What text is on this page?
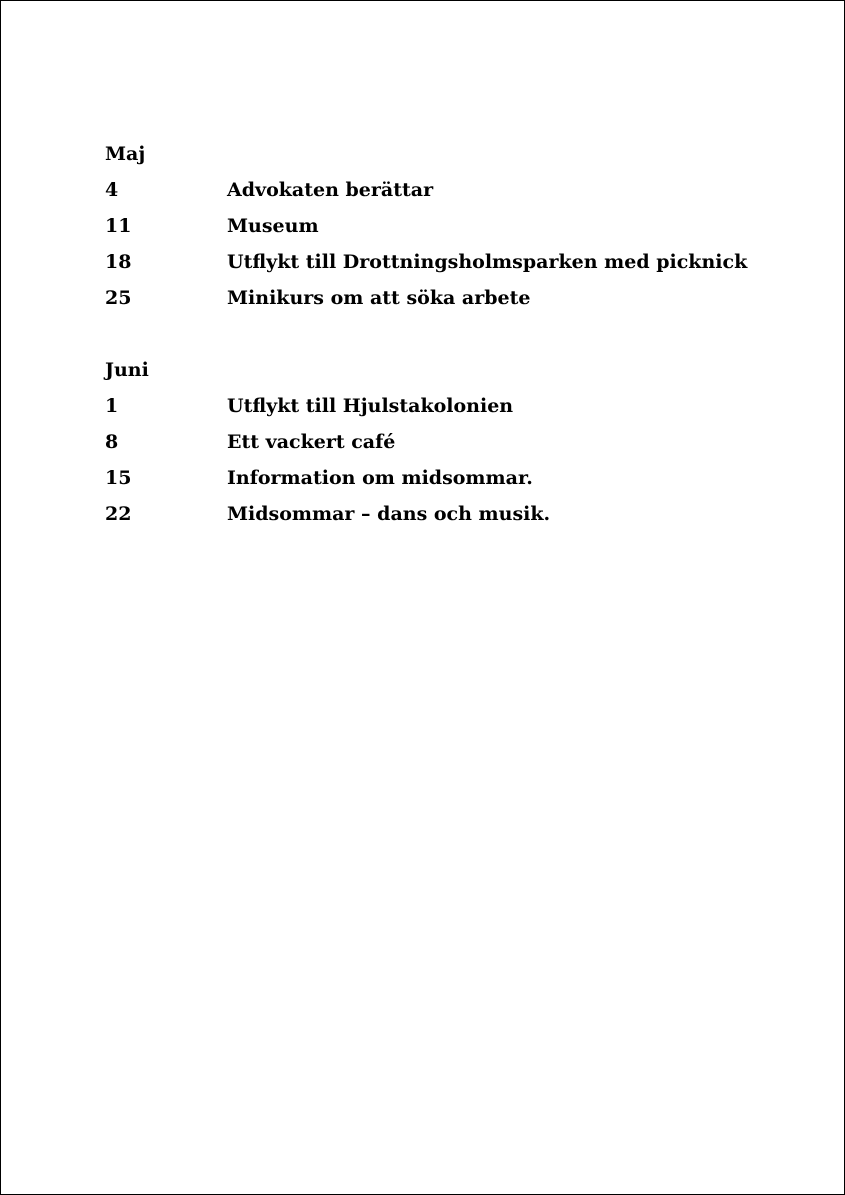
Maj
4	Advokaten berättar
11	Museum
18	Utflykt till Drottningsholmsparken med picknick
25	Minikurs om att söka arbete
Juni
1	Utflykt till Hjulstakolonien
8	Ett vackert café
15	Information om midsommar.
22	Midsommar – dans och musik.
